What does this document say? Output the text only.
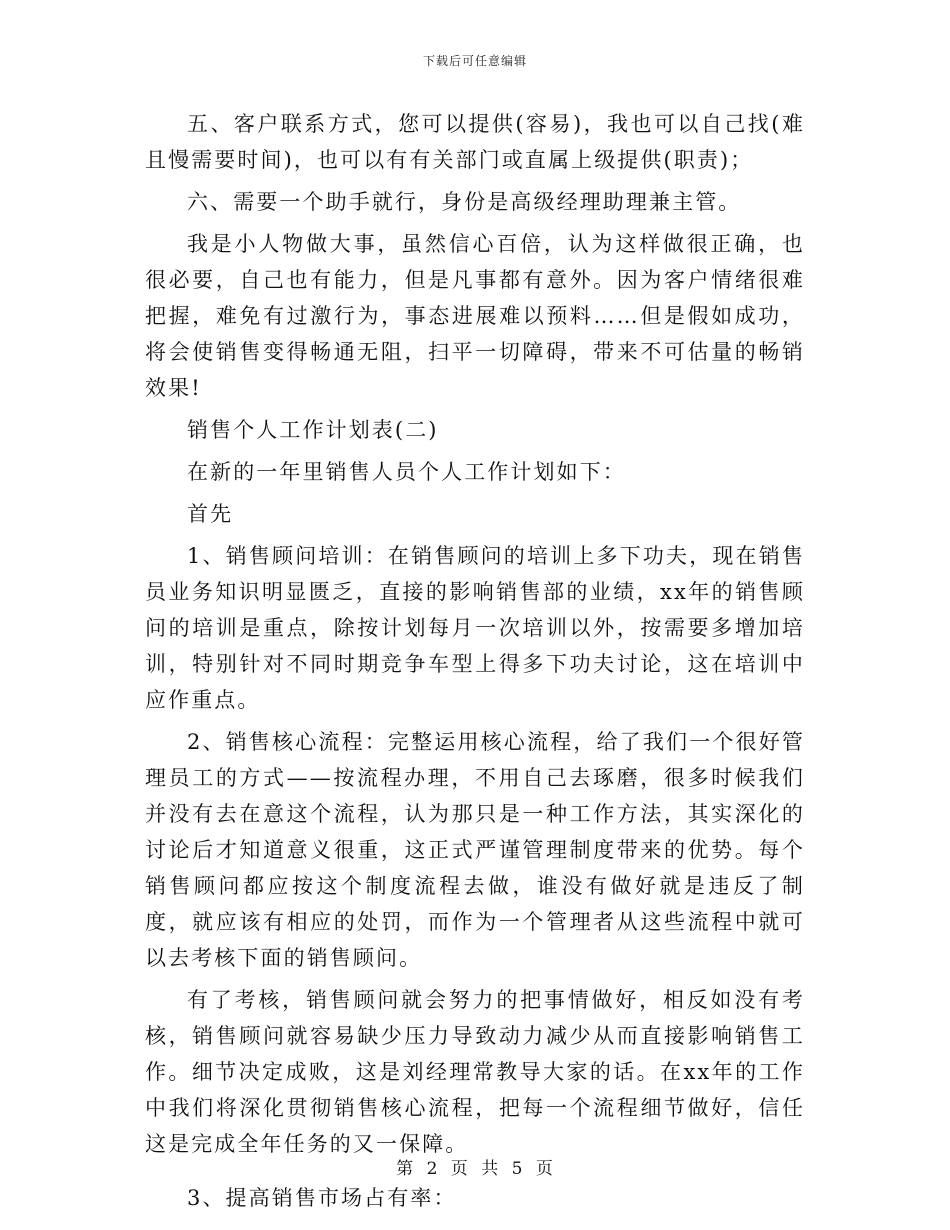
下载后可任意编辑

五、客户联系方式，您可以提供(容易)，我也可以自己找(难且慢需要时间)，也可以有有关部门或直属上级提供(职责)；

六、需要一个助手就行，身份是高级经理助理兼主管。

我是小人物做大事，虽然信心百倍，认为这样做很正确，也很必要，自己也有能力，但是凡事都有意外。因为客户情绪很难把握，难免有过激行为，事态进展难以预料……但是假如成功，将会使销售变得畅通无阻，扫平一切障碍，带来不可估量的畅销效果!

销售个人工作计划表(二)

在新的一年里销售人员个人工作计划如下：

首先

1、销售顾问培训：在销售顾问的培训上多下功夫，现在销售员业务知识明显匮乏，直接的影响销售部的业绩，xx年的销售顾问的培训是重点，除按计划每月一次培训以外，按需要多增加培训，特别针对不同时期竞争车型上得多下功夫讨论，这在培训中应作重点。

2、销售核心流程：完整运用核心流程，给了我们一个很好管理员工的方式——按流程办理，不用自己去琢磨，很多时候我们并没有去在意这个流程，认为那只是一种工作方法，其实深化的讨论后才知道意义很重，这正式严谨管理制度带来的优势。每个销售顾问都应按这个制度流程去做，谁没有做好就是违反了制度，就应该有相应的处罚，而作为一个管理者从这些流程中就可以去考核下面的销售顾问。

有了考核，销售顾问就会努力的把事情做好，相反如没有考核，销售顾问就容易缺少压力导致动力减少从而直接影响销售工作。细节决定成败，这是刘经理常教导大家的话。在xx年的工作中我们将深化贯彻销售核心流程，把每一个流程细节做好，信任这是完成全年任务的又一保障。

3、提高销售市场占有率：

第 2 页 共 5 页
